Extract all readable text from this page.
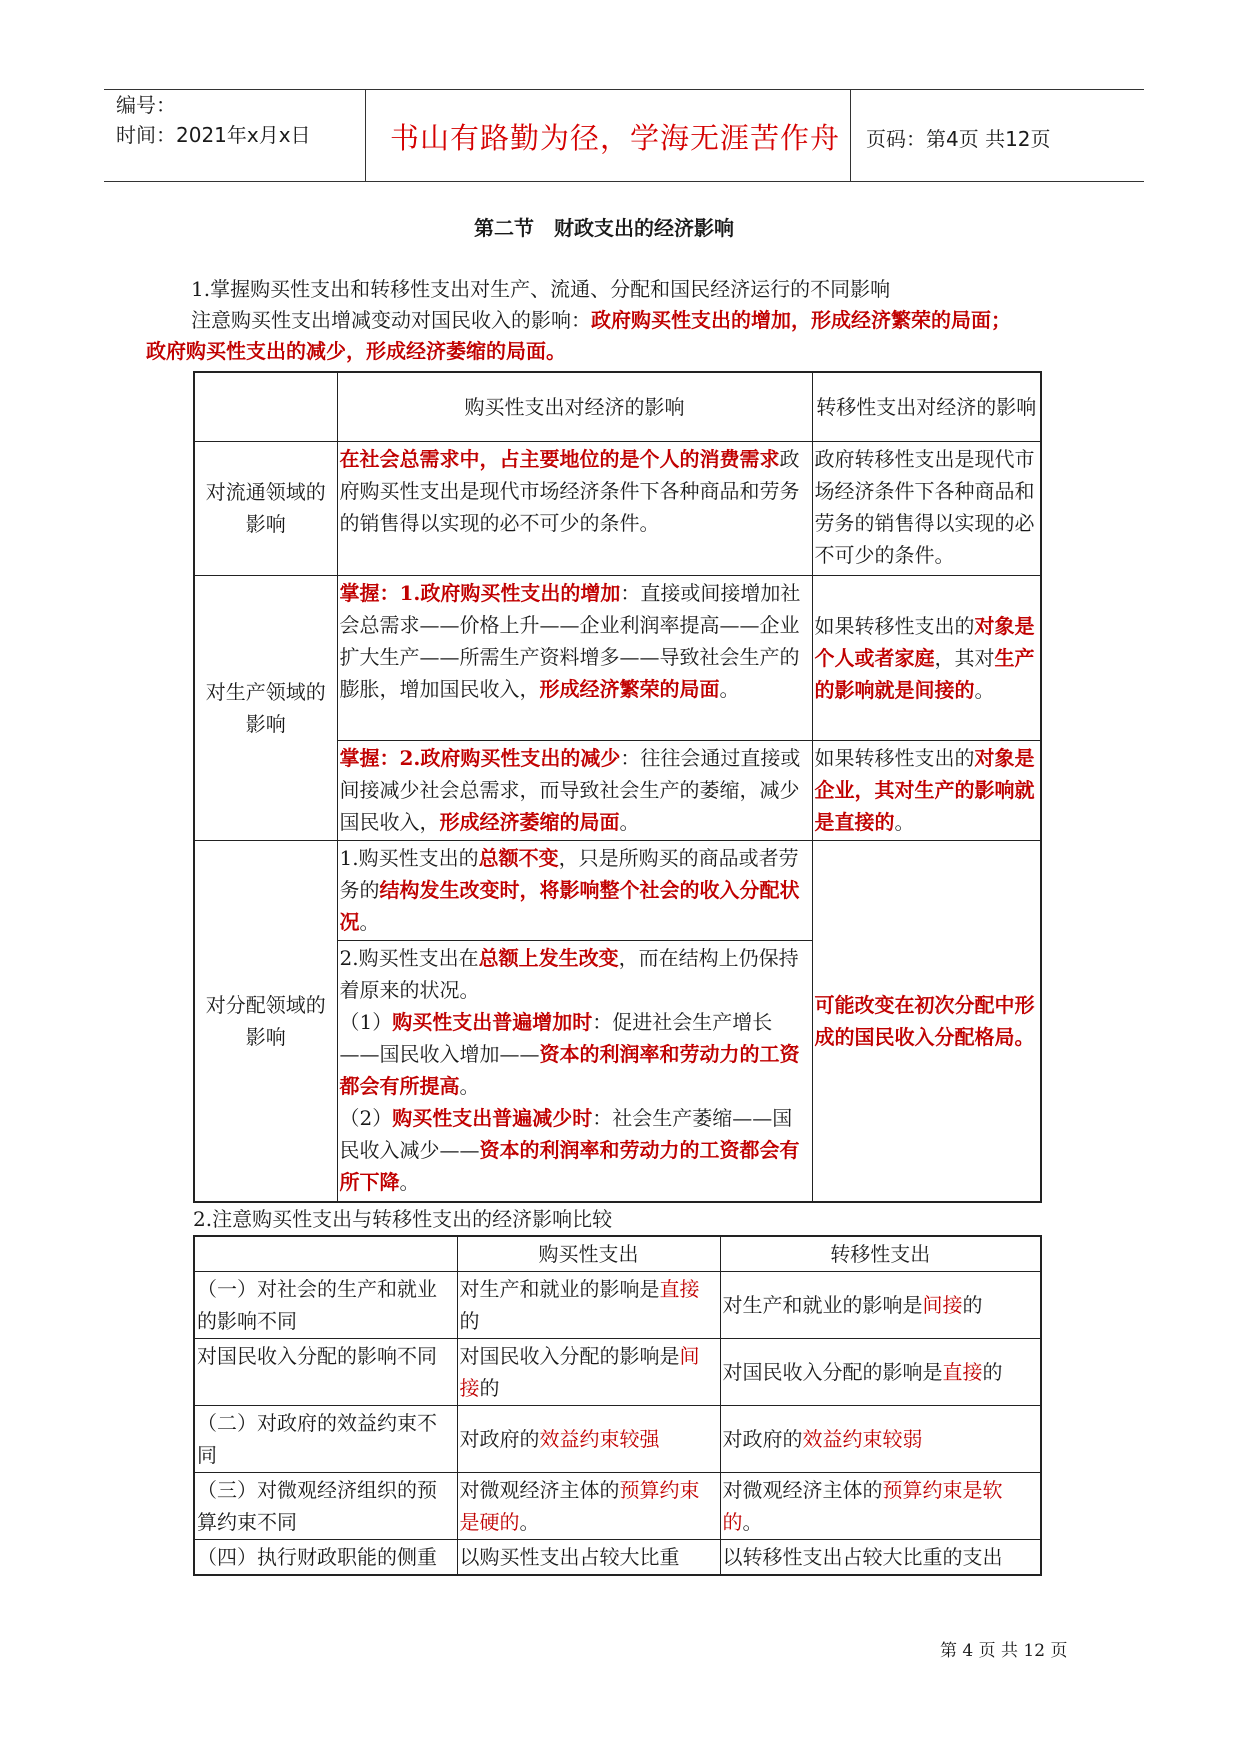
编号：
时间：2021年x月x日	书山有路勤为径，学海无涯苦作舟 页码：第4页 共12页
第二节　财政支出的经济影响
1.掌握购买性支出和转移性支出对生产、流通、分配和国民经济运行的不同影响
注意购买性支出增减变动对国民收入的影响：政府购买性支出的增加，形成经济繁荣的局面；
政府购买性支出的减少，形成经济萎缩的局面。
	购买性支出对经济的影响	转移性支出对经济的影响
对流通领域的影响	在社会总需求中，占主要地位的是个人的消费需求政府购买性支出是现代市场经济条件下各种商品和劳务的销售得以实现的必不可少的条件。	政府转移性支出是现代市场经济条件下各种商品和劳务的销售得以实现的必不可少的条件。
对生产领域的影响	掌握：1.政府购买性支出的增加：直接或间接增加社会总需求——价格上升——企业利润率提高——企业扩大生产——所需生产资料增多——导致社会生产的膨胀，增加国民收入，形成经济繁荣的局面。	如果转移性支出的对象是个人或者家庭，其对生产的影响就是间接的。
	掌握：2.政府购买性支出的减少：往往会通过直接或间接减少社会总需求，而导致社会生产的萎缩，减少国民收入，形成经济萎缩的局面。	如果转移性支出的对象是企业，其对生产的影响就是直接的。
对分配领域的影响	1.购买性支出的总额不变，只是所购买的商品或者劳务的结构发生改变时，将影响整个社会的收入分配状况。	可能改变在初次分配中形成的国民收入分配格局。

	2.购买性支出在总额上发生改变，而在结构上仍保持着原来的状况。
（1）购买性支出普遍增加时：促进社会生产增长——国民收入增加——资本的利润率和劳动力的工资都会有所提高。
（2）购买性支出普遍减少时：社会生产萎缩——国民收入减少——资本的利润率和劳动力的工资都会有所下降。	
2.注意购买性支出与转移性支出的经济影响比较
	购买性支出	转移性支出
（一）对社会的生产和就业的影响不同	对生产和就业的影响是直接的	对生产和就业的影响是间接的
对国民收入分配的影响不同	对国民收入分配的影响是间接的	对国民收入分配的影响是直接的
（二）对政府的效益约束不同	对政府的效益约束较强	对政府的效益约束较弱
（三）对微观经济组织的预算约束不同	对微观经济主体的预算约束是硬的。	对微观经济主体的预算约束是软的。
（四）执行财政职能的侧重	以购买性支出占较大比重	以转移性支出占较大比重的支出
第 4 页 共 12 页
